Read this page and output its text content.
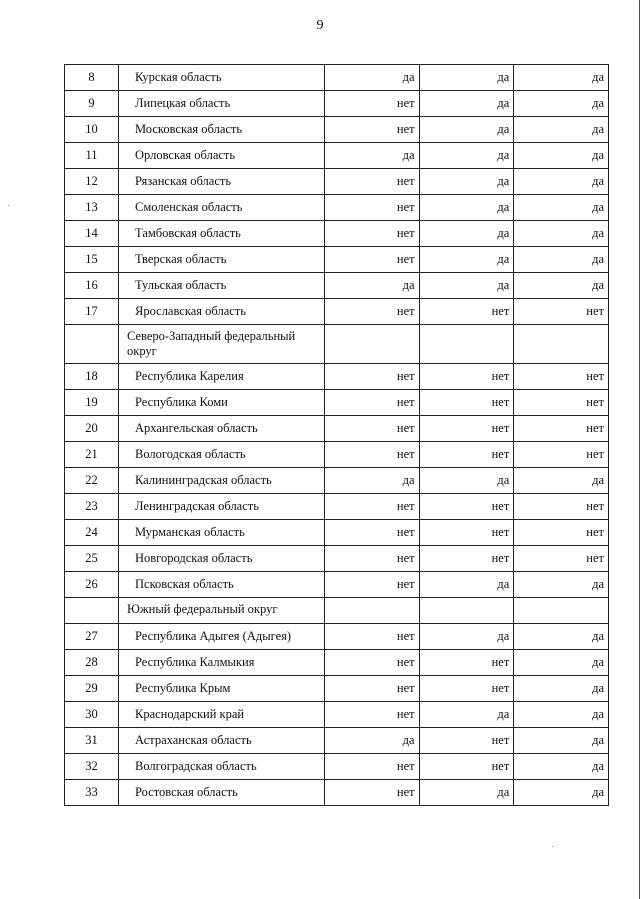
9
8	Курская область	да	да	да
9	Липецкая область	нет	да	да
10	Московская область	нет	да	да
11	Орловская область	да	да	да
12	Рязанская область	нет	да	да
13	Смоленская область	нет	да	да
14	Тамбовская область	нет	да	да
15	Тверская область	нет	да	да
16	Тульская область	да	да	да
17	Ярославская область	нет	нет	нет
	Северо-Западный федеральный округ			
18	Республика Карелия	нет	нет	нет
19	Республика Коми	нет	нет	нет
20	Архангельская область	нет	нет	нет
21	Вологодская область	нет	нет	нет
22	Калининградская область	да	да	да
23	Ленинградская область	нет	нет	нет
24	Мурманская область	нет	нет	нет
25	Новгородская область	нет	нет	нет
26	Псковская область	нет	да	да
	Южный федеральный округ			
27	Республика Адыгея (Адыгея)	нет	да	да
28	Республика Калмыкия	нет	нет	да
29	Республика Крым	нет	нет	да
30	Краснодарский край	нет	да	да
31	Астраханская область	да	нет	да
32	Волгоградская область	нет	нет	да
33	Ростовская область	нет	да	да
